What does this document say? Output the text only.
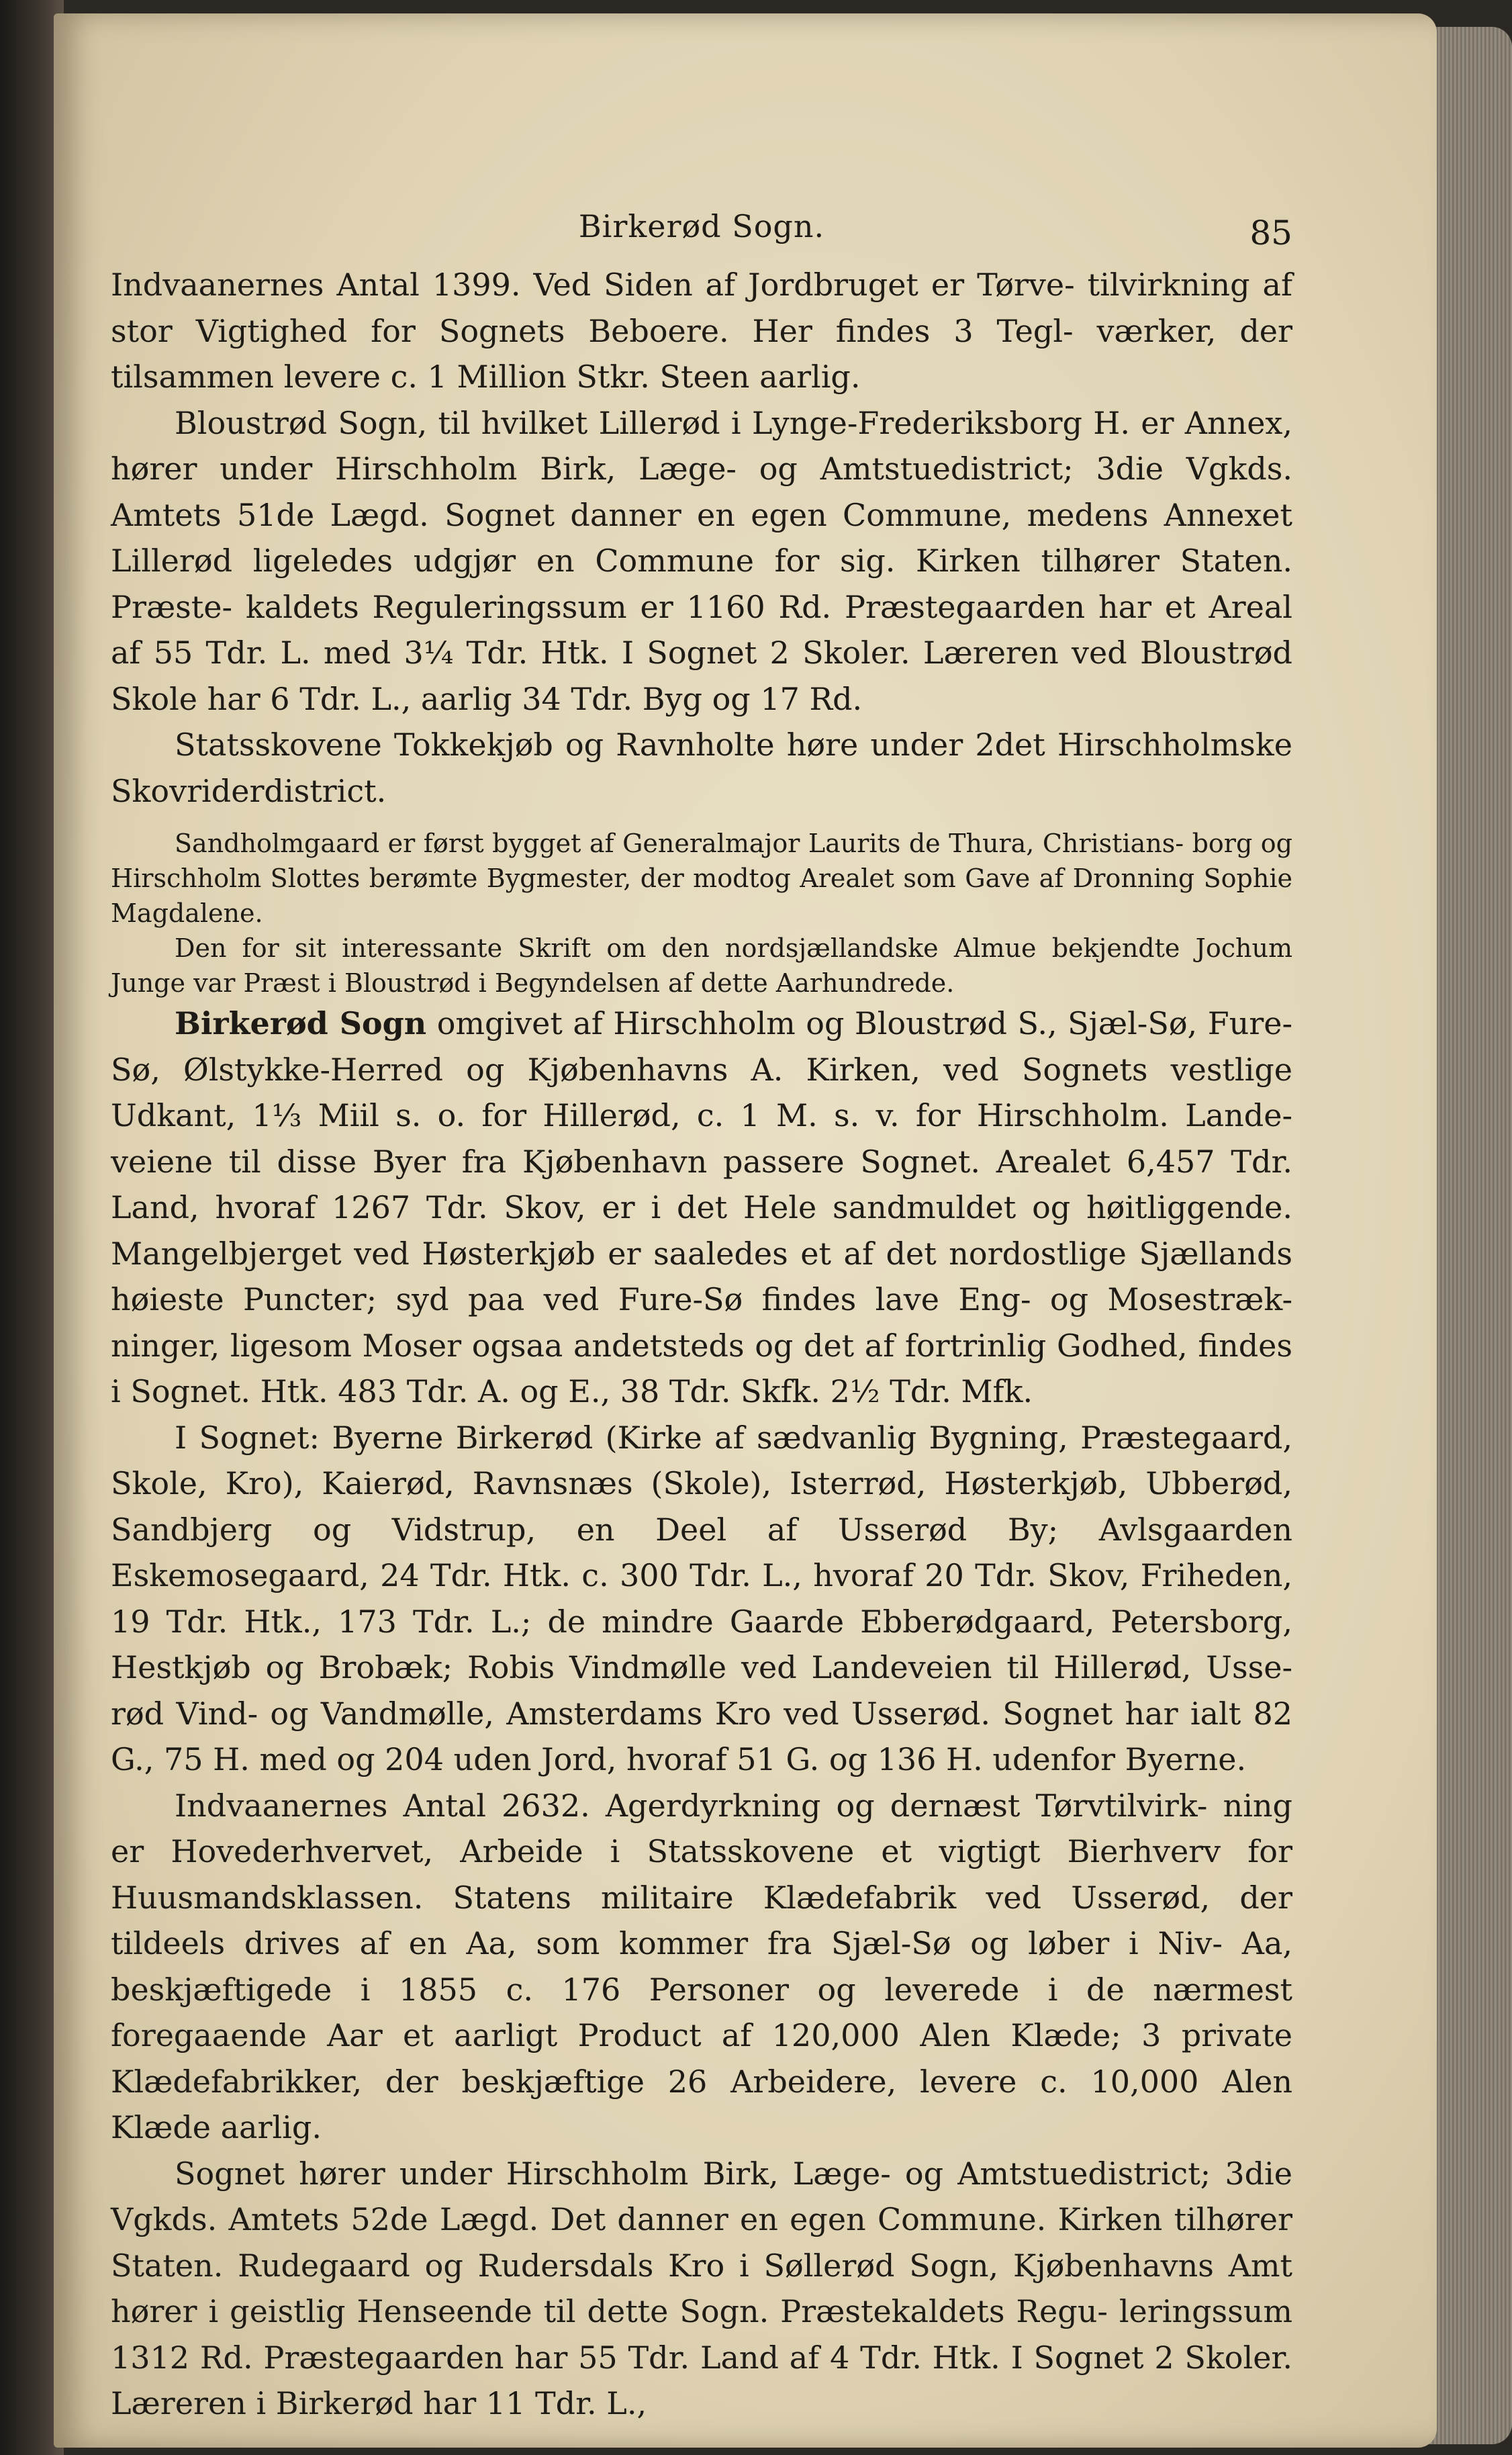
Birkerød Sogn.	85

Indvaanernes Antal 1399. Ved Siden af Jordbruget er Tørve- tilvirkning af stor Vigtighed for Sognets Beboere. Her findes 3 Tegl- værker, der tilsammen levere c. 1 Million Stkr. Steen aarlig.

Bloustrød Sogn, til hvilket Lillerød i Lynge-Frederiksborg H. er Annex, hører under Hirschholm Birk, Læge- og Amtstuedistrict; 3die Vgkds. Amtets 51de Lægd. Sognet danner en egen Commune, medens Annexet Lillerød ligeledes udgjør en Commune for sig. Kirken tilhører Staten. Præste- kaldets Reguleringssum er 1160 Rd. Præstegaarden har et Areal af 55 Tdr. L. med 3¼ Tdr. Htk. I Sognet 2 Skoler. Læreren ved Bloustrød Skole har 6 Tdr. L., aarlig 34 Tdr. Byg og 17 Rd.

Statsskovene Tokkekjøb og Ravnholte høre under 2det Hirschholmske Skovriderdistrict.

Sandholmgaard er først bygget af Generalmajor Laurits de Thura, Christians- borg og Hirschholm Slottes berømte Bygmester, der modtog Arealet som Gave af Dronning Sophie Magdalene.

Den for sit interessante Skrift om den nordsjællandske Almue bekjendte Jochum Junge var Præst i Bloustrød i Begyndelsen af dette Aarhundrede.

Birkerød Sogn omgivet af Hirschholm og Bloustrød S., Sjæl-Sø, Fure-Sø, Ølstykke-Herred og Kjøbenhavns A. Kirken, ved Sognets vestlige Udkant, 1⅓ Miil s. o. for Hillerød, c. 1 M. s. v. for Hirschholm. Lande- veiene til disse Byer fra Kjøbenhavn passere Sognet. Arealet 6,457 Tdr. Land, hvoraf 1267 Tdr. Skov, er i det Hele sandmuldet og høitliggende. Mangelbjerget ved Høsterkjøb er saaledes et af det nordostlige Sjællands høieste Puncter; syd paa ved Fure-Sø findes lave Eng- og Mosestræk- ninger, ligesom Moser ogsaa andetsteds og det af fortrinlig Godhed, findes i Sognet. Htk. 483 Tdr. A. og E., 38 Tdr. Skfk. 2½ Tdr. Mfk.

I Sognet: Byerne Birkerød (Kirke af sædvanlig Bygning, Præstegaard, Skole, Kro), Kaierød, Ravnsnæs (Skole), Isterrød, Høsterkjøb, Ubberød, Sandbjerg og Vidstrup, en Deel af Usserød By; Avlsgaarden Eskemosegaard, 24 Tdr. Htk. c. 300 Tdr. L., hvoraf 20 Tdr. Skov, Friheden, 19 Tdr. Htk., 173 Tdr. L.; de mindre Gaarde Ebberødgaard, Petersborg, Hestkjøb og Brobæk; Robis Vindmølle ved Landeveien til Hillerød, Usse- rød Vind- og Vandmølle, Amsterdams Kro ved Usserød. Sognet har ialt 82 G., 75 H. med og 204 uden Jord, hvoraf 51 G. og 136 H. udenfor Byerne.

Indvaanernes Antal 2632. Agerdyrkning og dernæst Tørvtilvirk- ning er Hovederhvervet, Arbeide i Statsskovene et vigtigt Bierhverv for Huusmandsklassen. Statens militaire Klædefabrik ved Usserød, der tildeels drives af en Aa, som kommer fra Sjæl-Sø og løber i Niv- Aa, beskjæftigede i 1855 c. 176 Personer og leverede i de nærmest foregaaende Aar et aarligt Product af 120,000 Alen Klæde; 3 private Klædefabrikker, der beskjæftige 26 Arbeidere, levere c. 10,000 Alen Klæde aarlig.

Sognet hører under Hirschholm Birk, Læge- og Amtstuedistrict; 3die Vgkds. Amtets 52de Lægd. Det danner en egen Commune. Kirken tilhører Staten. Rudegaard og Rudersdals Kro i Søllerød Sogn, Kjøbenhavns Amt hører i geistlig Henseende til dette Sogn. Præstekaldets Regu- leringssum 1312 Rd. Præstegaarden har 55 Tdr. Land af 4 Tdr. Htk. I Sognet 2 Skoler. Læreren i Birkerød har 11 Tdr. L.,
